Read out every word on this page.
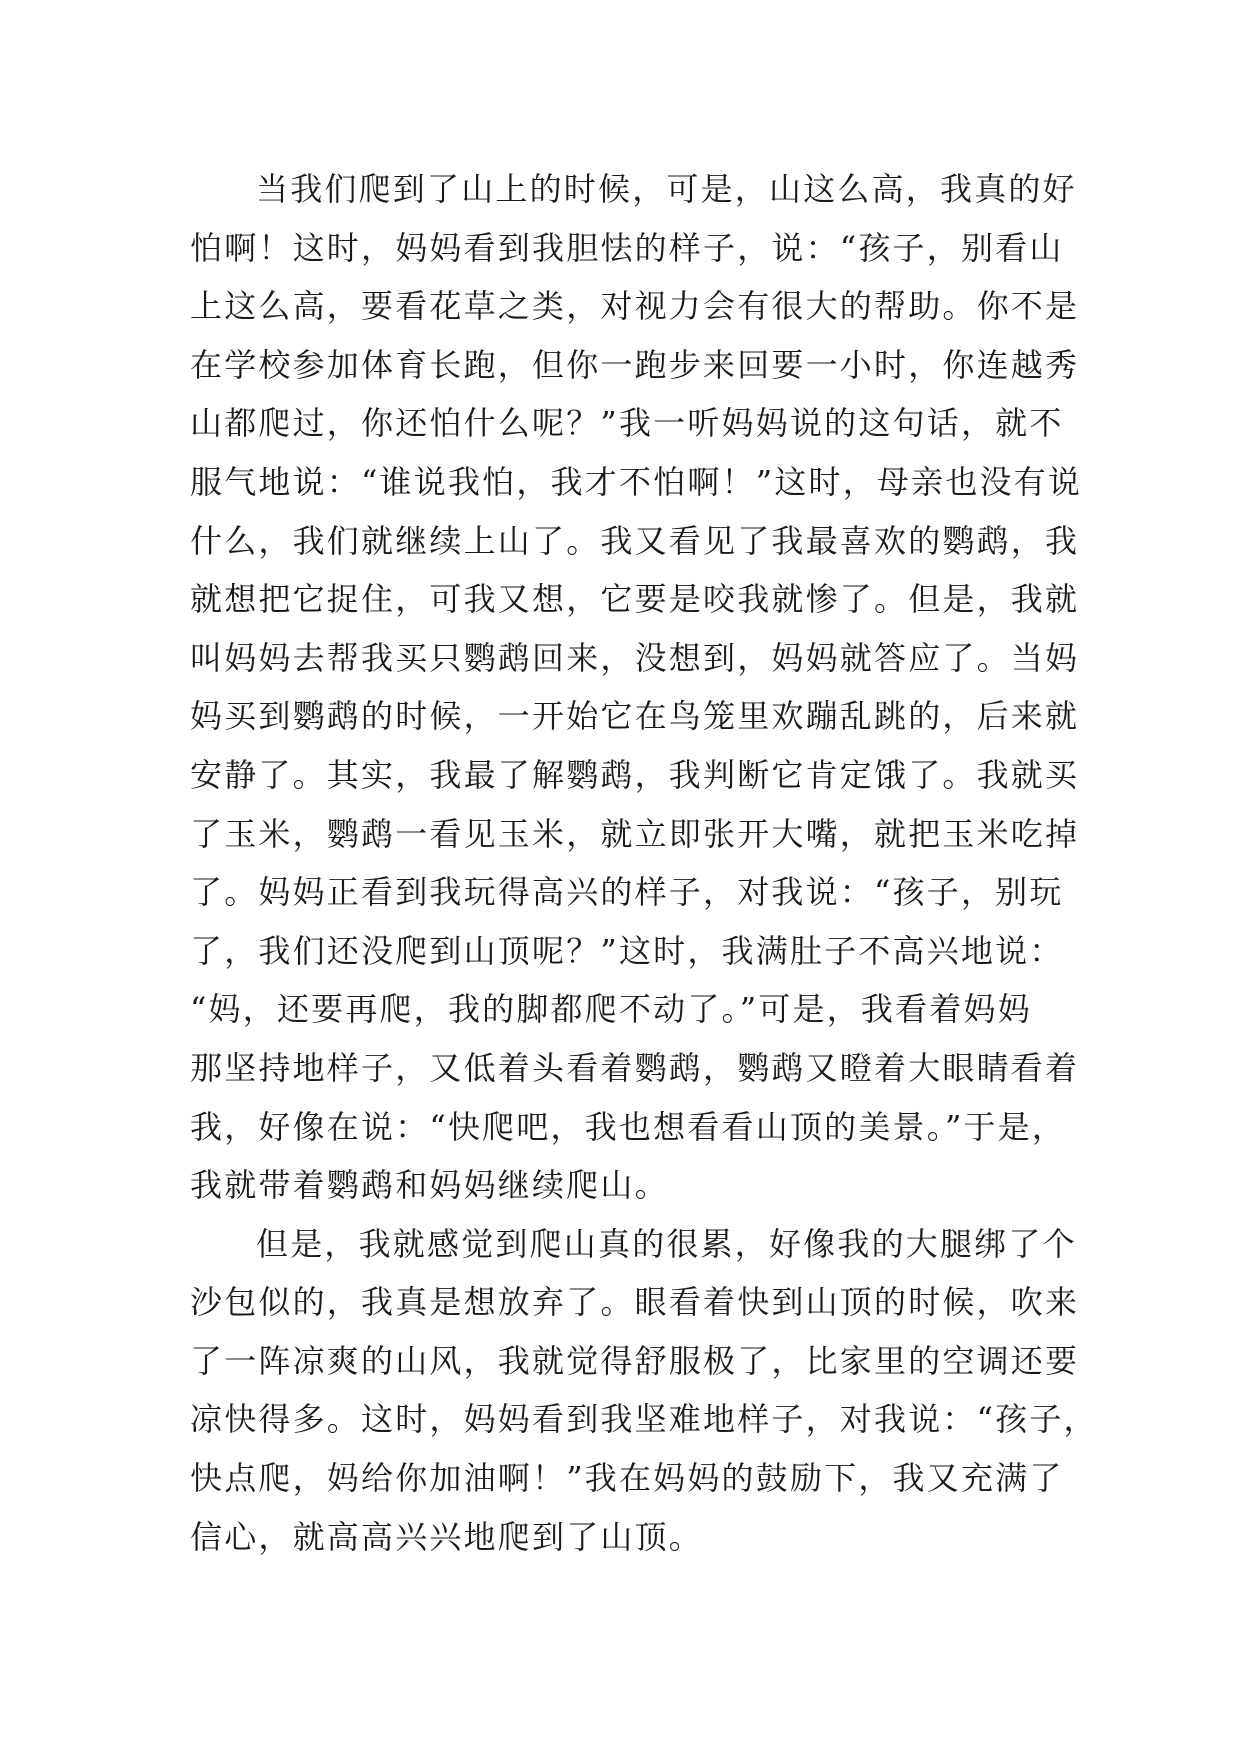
当我们爬到了山上的时候，可是，山这么高，我真的好
怕啊！这时，妈妈看到我胆怯的样子，说：“孩子，别看山
上这么高，要看花草之类，对视力会有很大的帮助。你不是
在学校参加体育长跑，但你一跑步来回要一小时，你连越秀
山都爬过，你还怕什么呢？”我一听妈妈说的这句话，就不
服气地说：“谁说我怕，我才不怕啊！”这时，母亲也没有说
什么，我们就继续上山了。我又看见了我最喜欢的鹦鹉，我
就想把它捉住，可我又想，它要是咬我就惨了。但是，我就
叫妈妈去帮我买只鹦鹉回来，没想到，妈妈就答应了。当妈
妈买到鹦鹉的时候，一开始它在鸟笼里欢蹦乱跳的，后来就
安静了。其实，我最了解鹦鹉，我判断它肯定饿了。我就买
了玉米，鹦鹉一看见玉米，就立即张开大嘴，就把玉米吃掉
了。妈妈正看到我玩得高兴的样子，对我说：“孩子，别玩
了，我们还没爬到山顶呢？”这时，我满肚子不高兴地说：
“妈，还要再爬，我的脚都爬不动了。”可是，我看着妈妈
那坚持地样子，又低着头看着鹦鹉，鹦鹉又瞪着大眼睛看着
我，好像在说：“快爬吧，我也想看看山顶的美景。”于是，
我就带着鹦鹉和妈妈继续爬山。
但是，我就感觉到爬山真的很累，好像我的大腿绑了个
沙包似的，我真是想放弃了。眼看着快到山顶的时候，吹来
了一阵凉爽的山风，我就觉得舒服极了，比家里的空调还要
凉快得多。这时，妈妈看到我坚难地样子，对我说：“孩子，
快点爬，妈给你加油啊！”我在妈妈的鼓励下，我又充满了
信心，就高高兴兴地爬到了山顶。
